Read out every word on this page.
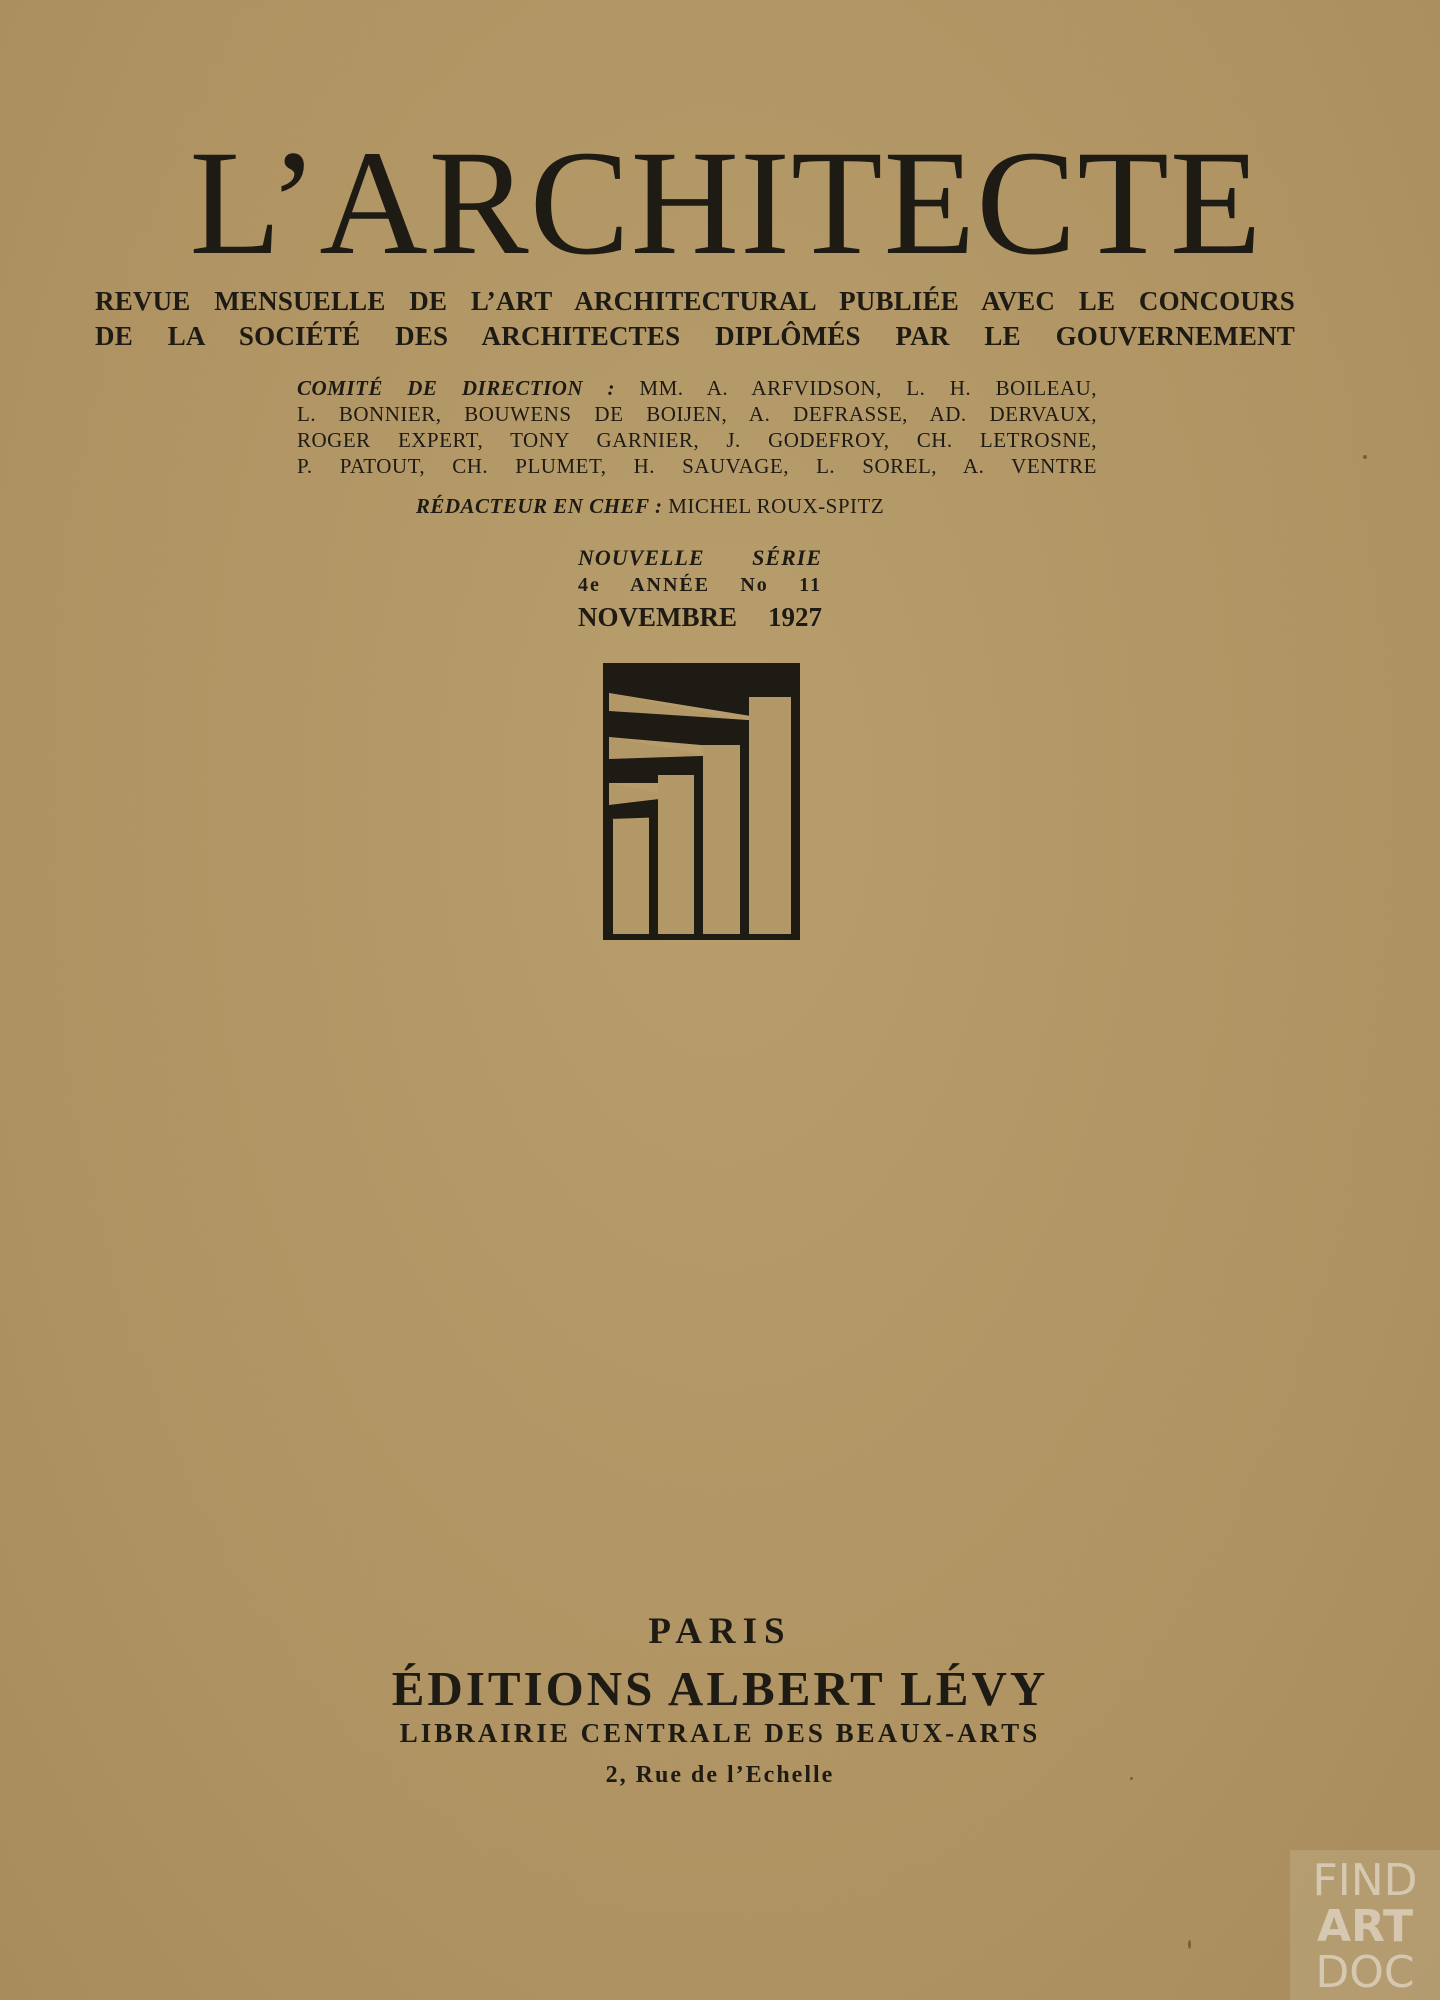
L’ARCHITECTE
REVUE MENSUELLE DE L’ART ARCHITECTURAL PUBLIÉE AVEC LE CONCOURS
DE LA SOCIÉTÉ DES ARCHITECTES DIPLÔMÉS PAR LE GOUVERNEMENT
COMITÉ DE DIRECTION : MM. A. ARFVIDSON, L. H. BOILEAU,
L. BONNIER, BOUWENS DE BOIJEN, A. DEFRASSE, AD. DERVAUX,
ROGER EXPERT, TONY GARNIER, J. GODEFROY, CH. LETROSNE,
P. PATOUT, CH. PLUMET, H. SAUVAGE, L. SOREL, A. VENTRE
RÉDACTEUR EN CHEF : MICHEL ROUX-SPITZ
NOUVELLE SÉRIE
4e ANNÉE No 11
NOVEMBRE 1927
PARIS
ÉDITIONS ALBERT LÉVY
LIBRAIRIE CENTRALE DES BEAUX-ARTS
2, Rue de l’Echelle
FIND
ART
DOC
